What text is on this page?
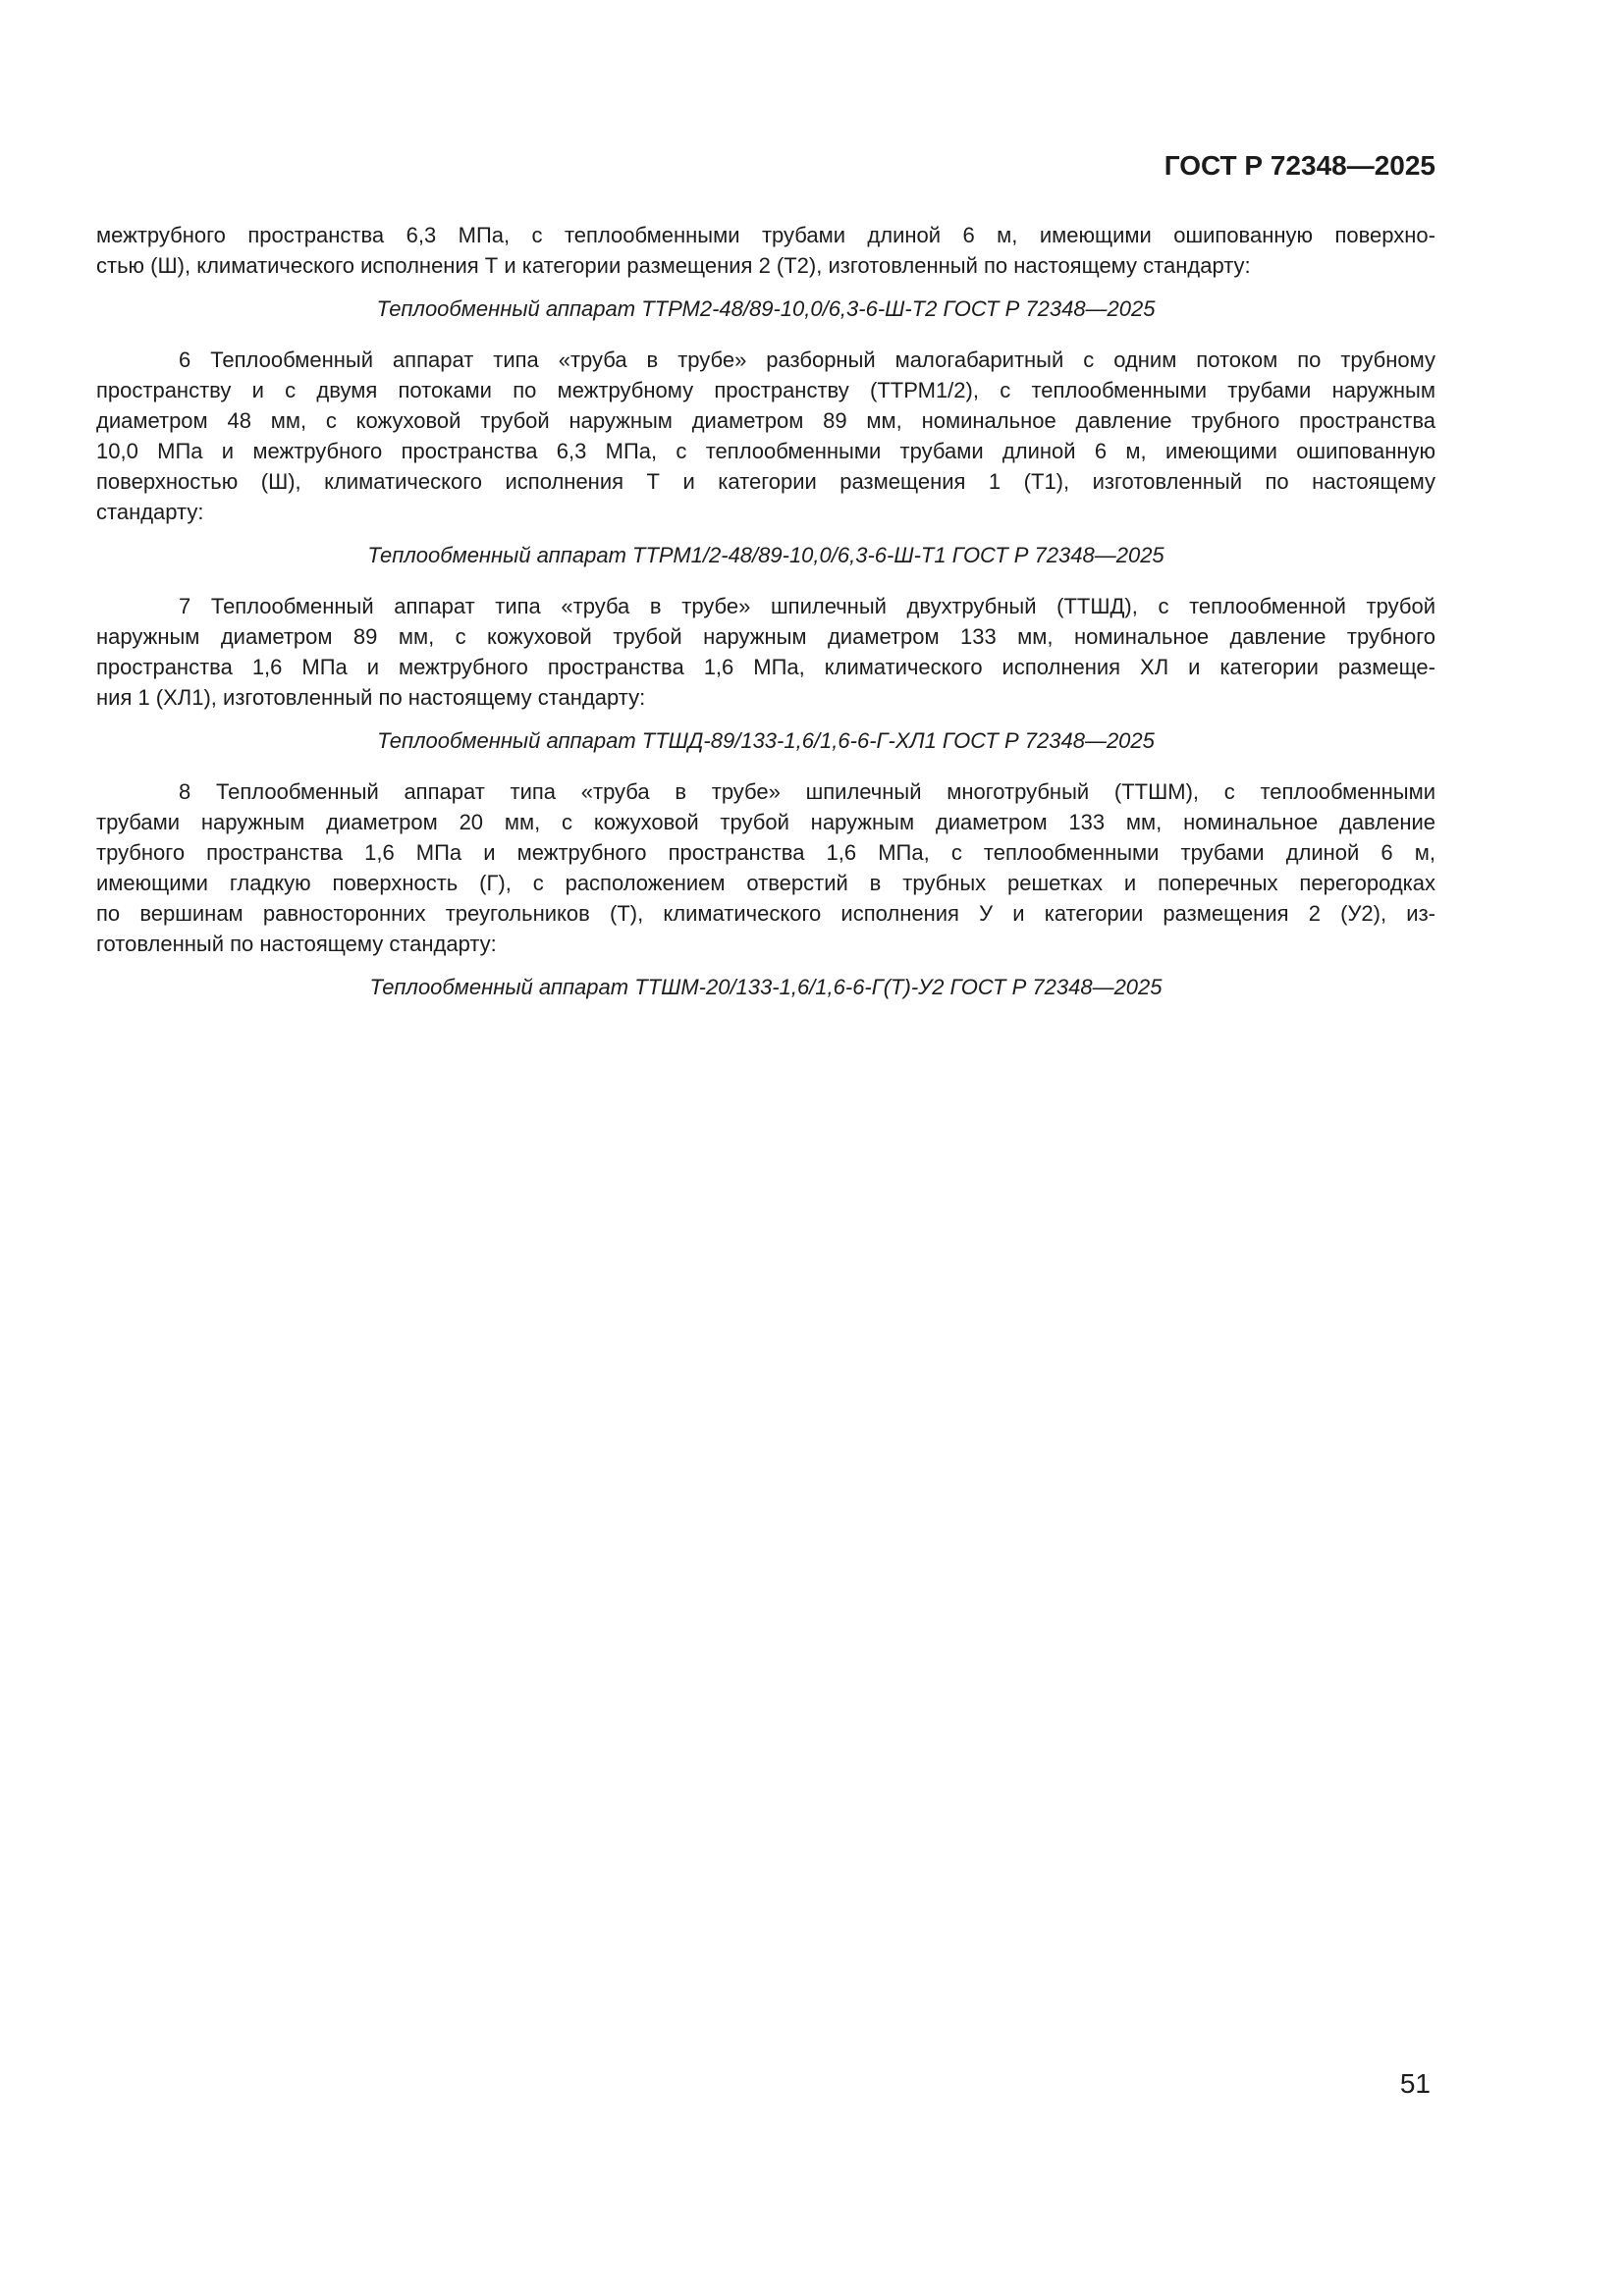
ГОСТ Р 72348—2025

межтрубного пространства 6,3 МПа, с теплообменными трубами длиной 6 м, имеющими ошипованную поверхно-
стью (Ш), климатического исполнения Т и категории размещения 2 (Т2), изготовленный по настоящему стандарту:

Теплообменный аппарат ТТРМ2-48/89-10,0/6,3-6-Ш-Т2 ГОСТ Р 72348—2025

6 Теплообменный аппарат типа «труба в трубе» разборный малогабаритный с одним потоком по трубному
пространству и с двумя потоками по межтрубному пространству (ТТРМ1/2), с теплообменными трубами наружным
диаметром 48 мм, с кожуховой трубой наружным диаметром 89 мм, номинальное давление трубного пространства
10,0 МПа и межтрубного пространства 6,3 МПа, с теплообменными трубами длиной 6 м, имеющими ошипованную
поверхностью (Ш), климатического исполнения Т и категории размещения 1 (Т1), изготовленный по настоящему
стандарту:

Теплообменный аппарат ТТРМ1/2-48/89-10,0/6,3-6-Ш-Т1 ГОСТ Р 72348—2025

7 Теплообменный аппарат типа «труба в трубе» шпилечный двухтрубный (ТТШД), с теплообменной трубой
наружным диаметром 89 мм, с кожуховой трубой наружным диаметром 133 мм, номинальное давление трубного
пространства 1,6 МПа и межтрубного пространства 1,6 МПа, климатического исполнения ХЛ и категории размеще-
ния 1 (ХЛ1), изготовленный по настоящему стандарту:

Теплообменный аппарат ТТШД-89/133-1,6/1,6-6-Г-ХЛ1 ГОСТ Р 72348—2025

8 Теплообменный аппарат типа «труба в трубе» шпилечный многотрубный (ТТШМ), с теплообменными
трубами наружным диаметром 20 мм, с кожуховой трубой наружным диаметром 133 мм, номинальное давление
трубного пространства 1,6 МПа и межтрубного пространства 1,6 МПа, с теплообменными трубами длиной 6 м,
имеющими гладкую поверхность (Г), с расположением отверстий в трубных решетках и поперечных перегородках
по вершинам равносторонних треугольников (Т), климатического исполнения У и категории размещения 2 (У2), из-
готовленный по настоящему стандарту:

Теплообменный аппарат ТТШМ-20/133-1,6/1,6-6-Г(Т)-У2 ГОСТ Р 72348—2025
51
